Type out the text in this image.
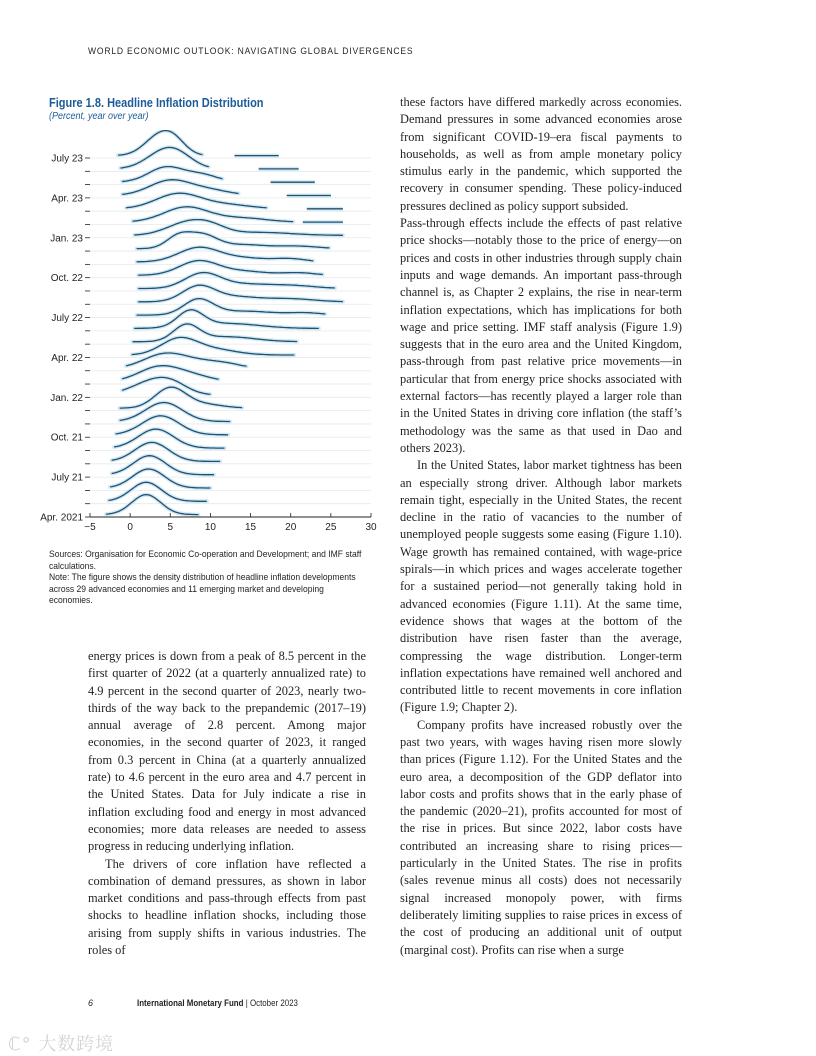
WORLD ECONOMIC OUTLOOK: NAVIGATING GLOBAL DIVERGENCES
Figure 1.8. Headline Inflation Distribution
(Percent, year over year)
Apr. 2021
July 21
Oct. 21
Jan. 22
Apr. 22
July 22
Oct. 22
Jan. 23
Apr. 23
July 23
−5	0	5	10	15	20	25	30

Sources: Organisation for Economic Co-operation and Development; and IMF staff

calculations.

Note: The figure shows the density distribution of headline inflation developments

across 29 advanced economies and 11 emerging market and developing

economies.

energy prices is down from a peak of 8.5 percent in the first quarter of 2022 (at a quarterly annualized rate) to 4.9 percent in the second quarter of 2023, nearly two-thirds of the way back to the prepandemic (2017–19) annual average of 2.8 percent. Among major economies, in the second quarter of 2023, it ranged from 0.3 percent in China (at a quarterly annualized rate) to 4.6 percent in the euro area and 4.7 percent in the United States. Data for July indicate a rise in inflation excluding food and energy in most advanced economies; more data releases are needed to assess progress in reducing underlying inflation.

The drivers of core inflation have reflected a combination of demand pressures, as shown in labor market conditions and pass-through effects from past shocks to headline inflation shocks, including those arising from supply shifts in various industries. The roles of

these factors have differed markedly across economies. Demand pressures in some advanced economies arose from significant COVID-19–era fiscal payments to households, as well as from ample monetary policy stimulus early in the pandemic, which supported the recovery in consumer spending. These policy-induced pressures declined as policy support subsided.

Pass-through effects include the effects of past relative price shocks—notably those to the price of energy—on prices and costs in other industries through supply chain inputs and wage demands. An important pass-through channel is, as Chapter 2 explains, the rise in near-term inflation expectations, which has implications for both wage and price setting. IMF staff analysis (Figure 1.9) suggests that in the euro area and the United Kingdom, pass-through from past relative price movements—in particular that from energy price shocks associated with external factors—has recently played a larger role than in the United States in driving core inflation (the staff’s methodology was the same as that used in Dao and others 2023).

In the United States, labor market tightness has been an especially strong driver. Although labor markets remain tight, especially in the United States, the recent decline in the ratio of vacancies to the number of unemployed people suggests some easing (Figure 1.10). Wage growth has remained contained, with wage-price spirals—in which prices and wages accelerate together for a sustained period—not generally taking hold in advanced economies (Figure 1.11). At the same time, evidence shows that wages at the bottom of the distribution have risen faster than the average, compressing the wage distribution. Longer-term inflation expectations have remained well anchored and contributed little to recent movements in core inflation (Figure 1.9; Chapter 2).

Company profits have increased robustly over the past two years, with wages having risen more slowly than prices (Figure 1.12). For the United States and the euro area, a decomposition of the GDP deflator into labor costs and profits shows that in the early phase of the pandemic (2020–21), profits accounted for most of the rise in prices. But since 2022, labor costs have contributed an increasing share to rising prices—particularly in the United States. The rise in profits (sales revenue minus all costs) does not necessarily signal increased monopoly power, with firms deliberately limiting supplies to raise prices in excess of the cost of producing an additional unit of output (marginal cost). Profits can rise when a surge

6	International Monetary Fund | October 2023
ℂ° 大数跨境
